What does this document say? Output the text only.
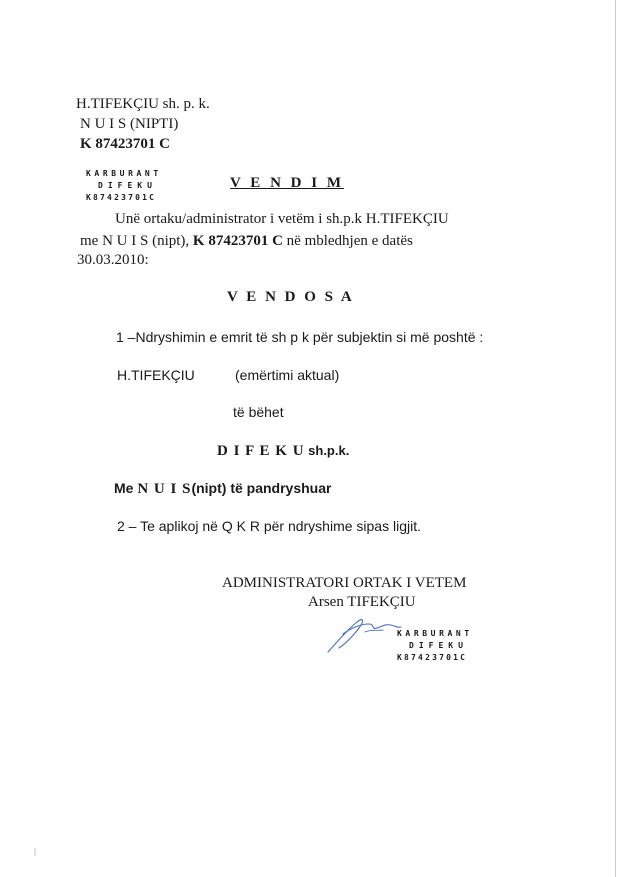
H.TIFEKÇIU sh. p. k.
N U I S (NIPTI)
K 87423701 C
KARBURANT
DIFEKU
K87423701C
V E N D I M
Unë ortaku/administrator i vetëm i sh.p.k H.TIFEKÇIU
me N U I S (nipt), K 87423701 C në mbledhjen e datës
30.03.2010:
V E N D O S A
1 –Ndryshimin e emrit të sh p k për subjektin si më poshtë :
H.TIFEKÇIU	(emërtimi aktual)
të bëhet
D I F E K U sh.p.k.
Me N U I S(nipt) të pandryshuar
2 – Te aplikoj në Q K R për ndryshime sipas ligjit.
ADMINISTRATORI ORTAK I VETEM
Arsen TIFEKÇIU
KARBURANT
DIFEKU
K87423701C
